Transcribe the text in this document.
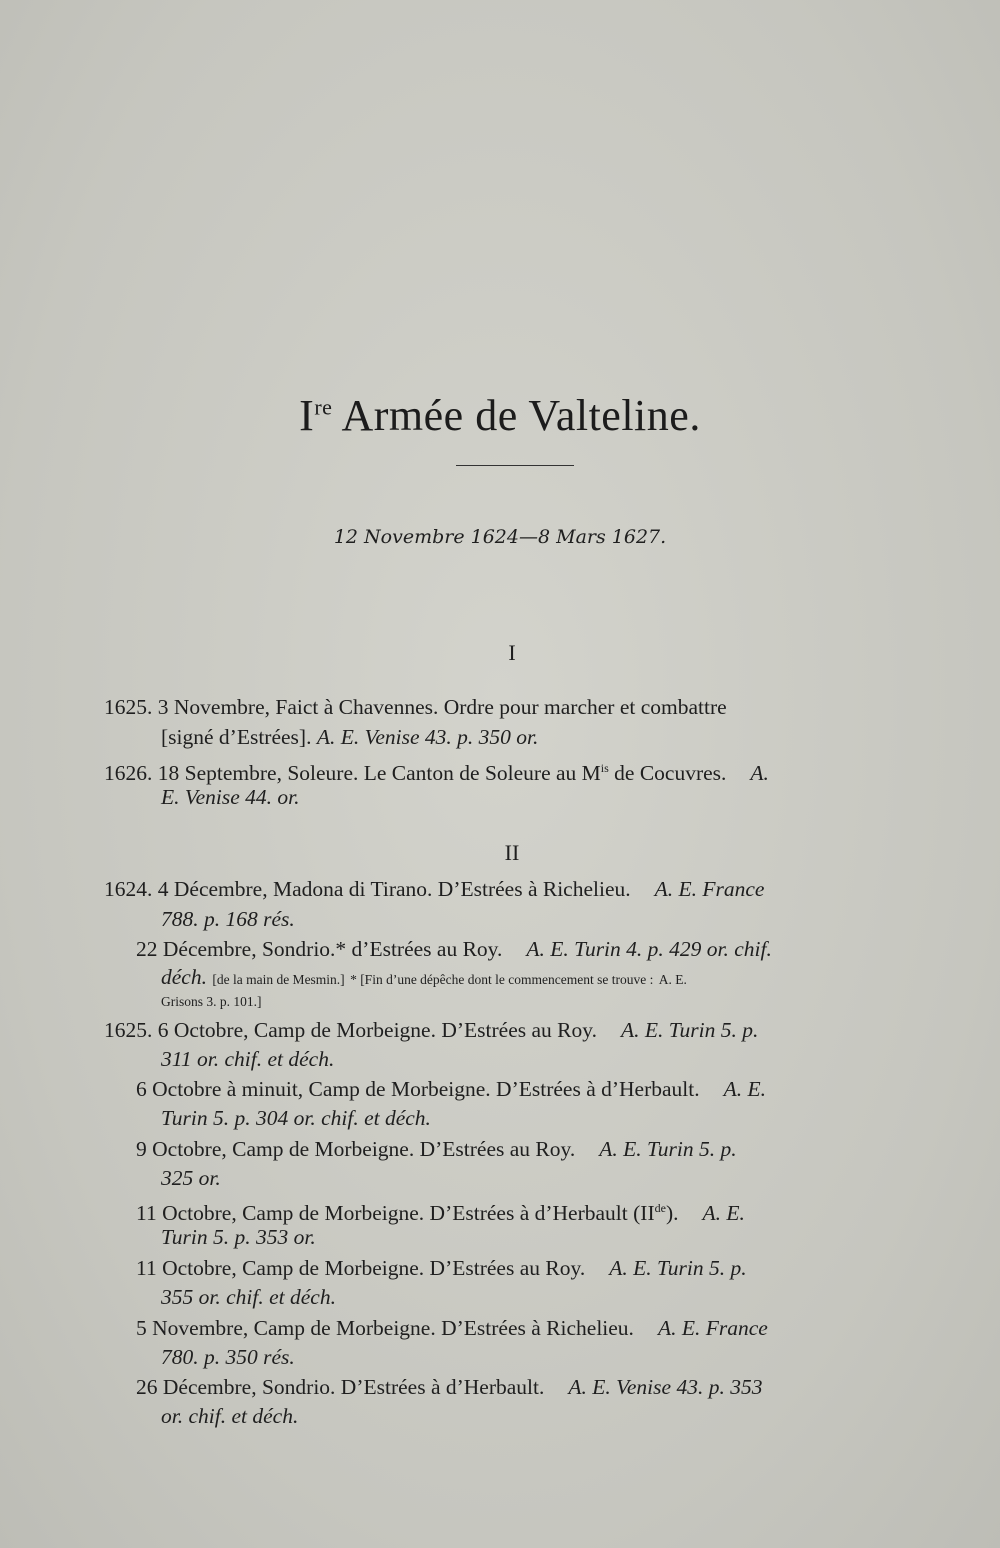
Ire Armée de Valteline.
12 Novembre 1624—8 Mars 1627.
I
1625. 3 Novembre, Faict à Chavennes. Ordre pour marcher et combattre
[signé d’Estrées]. A. E. Venise 43. p. 350 or.
1626. 18 Septembre, Soleure. Le Canton de Soleure au $M^{is}$ de Cocuvres. A.
E. Venise 44. or.
II
1624. 4 Décembre, Madona di Tirano. D’Estrées à Richelieu. A. E. France
788. p. 168 rés.
22 Décembre, Sondrio.* d’Estrées au Roy. A. E. Turin 4. p. 429 or. chif.
déch. [de la main de Mesmin.] * [Fin d’une dépêche dont le commencement se trouve : A. E.
Grisons 3. p. 101.]
1625. 6 Octobre, Camp de Morbeigne. D’Estrées au Roy. A. E. Turin 5. p.
311 or. chif. et déch.
6 Octobre à minuit, Camp de Morbeigne. D’Estrées à d’Herbault. A. E.
Turin 5. p. 304 or. chif. et déch.
9 Octobre, Camp de Morbeigne. D’Estrées au Roy. A. E. Turin 5. p.
325 or.
11 Octobre, Camp de Morbeigne. D’Estrées à d’Herbault (IIde). A. E.
Turin 5. p. 353 or.
11 Octobre, Camp de Morbeigne. D’Estrées au Roy. A. E. Turin 5. p.
355 or. chif. et déch.
5 Novembre, Camp de Morbeigne. D’Estrées à Richelieu. A. E. France
780. p. 350 rés.
26 Décembre, Sondrio. D’Estrées à d’Herbault. A. E. Venise 43. p. 353
or. chif. et déch.
